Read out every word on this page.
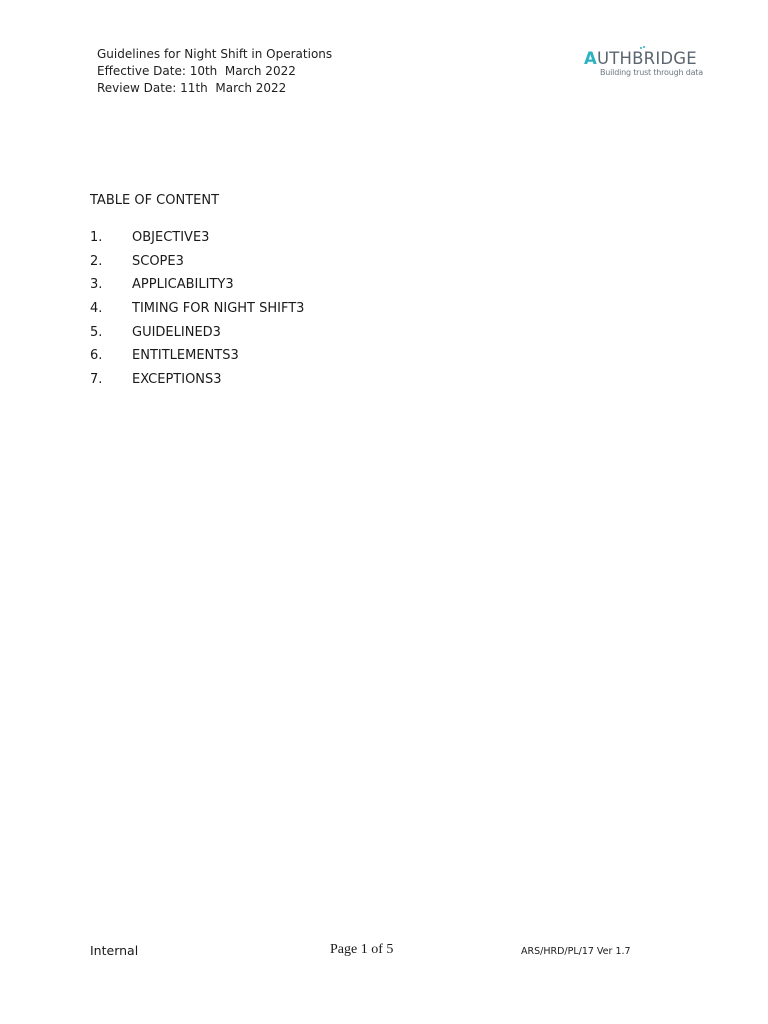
Guidelines for Night Shift in Operations
Effective Date: 10th  March 2022
Review Date: 11th  March 2022
AUTHBRIDGE
Building trust through data
TABLE OF CONTENT
1.	OBJECTIVE3
2.	SCOPE3
3.	APPLICABILITY3
4.	TIMING FOR NIGHT SHIFT3
5.	GUIDELINED3
6.	ENTITLEMENTS3
7.	EXCEPTIONS3
Internal	Page 1 of 5	ARS/HRD/PL/17 Ver 1.7
